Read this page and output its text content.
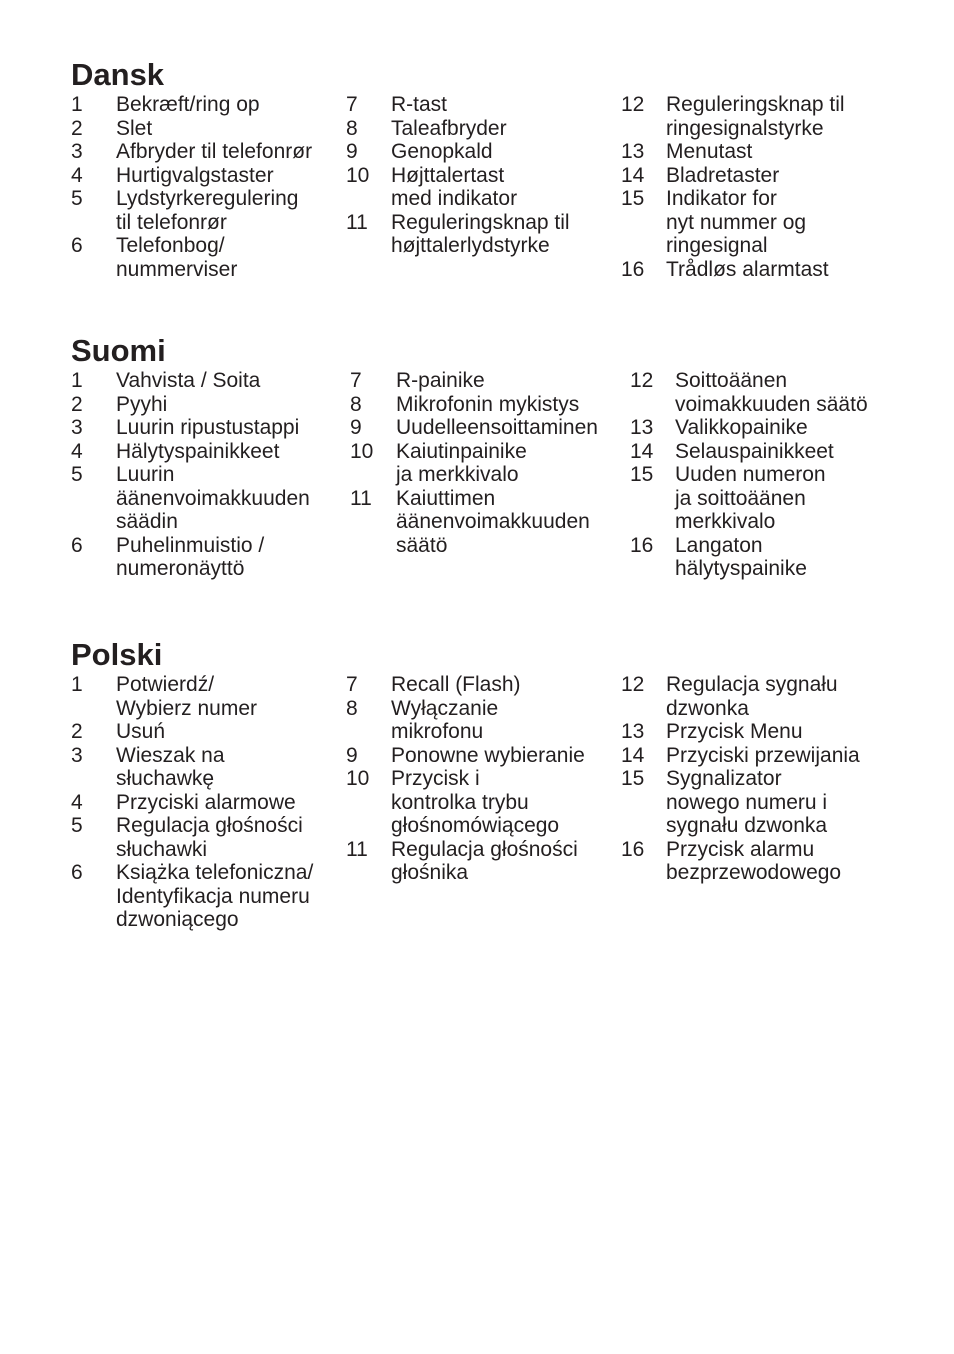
Dansk
1	Bekræft/ring op
2	Slet
3	Afbryder til telefonrør
4	Hurtigvalgstaster
5	Lydstyrkeregulering
til telefonrør
6	Telefonbog/
nummerviser
7	R-tast
8	Taleafbryder
9	Genopkald
10	Højttalertast
med indikator
11	Reguleringsknap til
højttalerlydstyrke
12	Reguleringsknap til
ringesignalstyrke
13	Menutast
14	Bladretaster
15	Indikator for
nyt nummer og
ringesignal
16	Trådløs alarmtast
Suomi
1	Vahvista / Soita
2	Pyyhi
3	Luurin ripustustappi
4	Hälytyspainikkeet
5	Luurin
äänenvoimakkuuden
säädin
6	Puhelinmuistio /
numeronäyttö
7	R-painike
8	Mikrofonin mykistys
9	Uudelleensoittaminen
10	Kaiutinpainike
ja merkkivalo
11	Kaiuttimen
äänenvoimakkuuden
säätö
12	Soittoäänen
voimakkuuden säätö
13	Valikkopainike
14	Selauspainikkeet
15	Uuden numeron
ja soittoäänen
merkkivalo
16	Langaton
hälytyspainike
Polski
1	Potwierdź/
Wybierz numer
2	Usuń
3	Wieszak na
słuchawkę
4	Przyciski alarmowe
5	Regulacja głośności
słuchawki
6	Książka telefoniczna/
Identyfikacja numeru
dzwoniącego
7	Recall (Flash)
8	Wyłączanie
mikrofonu
9	Ponowne wybieranie
10	Przycisk i
kontrolka trybu
głośnomówiącego
11	Regulacja głośności
głośnika
12	Regulacja sygnału
dzwonka
13	Przycisk Menu
14	Przyciski przewijania
15	Sygnalizator
nowego numeru i
sygnału dzwonka
16	Przycisk alarmu
bezprzewodowego
